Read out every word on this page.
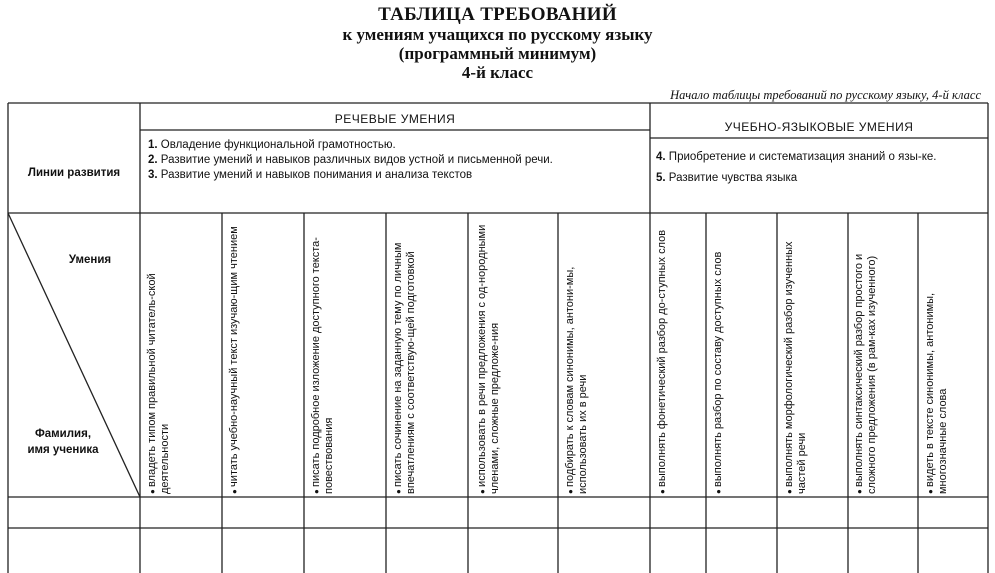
ТАБЛИЦА ТРЕБОВАНИЙ
к умениям учащихся по русскому языку
(программный минимум)
4-й класс
Начало таблицы требований по русскому языку, 4-й класс
РЕЧЕВЫЕ УМЕНИЯ
УЧЕБНО-ЯЗЫКОВЫЕ УМЕНИЯ
Линии развития
Умения
Фамилия,
имя ученика
1. Овладение функциональной грамотностью.
2. Развитие умений и навыков различных видов устной и письменной речи.
3. Развитие умений и навыков понимания и анализа текстов
4. Приобретение и систематизация знаний о язы-ке.
5. Развитие чувства языка
● владеть типом правильной читатель-ской деятельности	● читать учебно-научный текст изучаю-щим чтением	● писать подробное изложение доступного текста-повествования	● писать сочинение на заданную тему по личным впечатлениям с соответствую-щей подготовкой	● использовать в речи предложения с од-нородными членами, сложные предложе-ния	● подбирать к словам синонимы, антони-мы, использовать их в речи	● выполнять фонетический разбор до-ступных слов	● выполнять разбор по составу доступных слов	● выполнять морфологический разбор изученных частей речи	● выполнять синтаксический разбор простого и сложного предложения (в рам-ках изученного)	● видеть в тексте синонимы, антонимы, многозначные слова
